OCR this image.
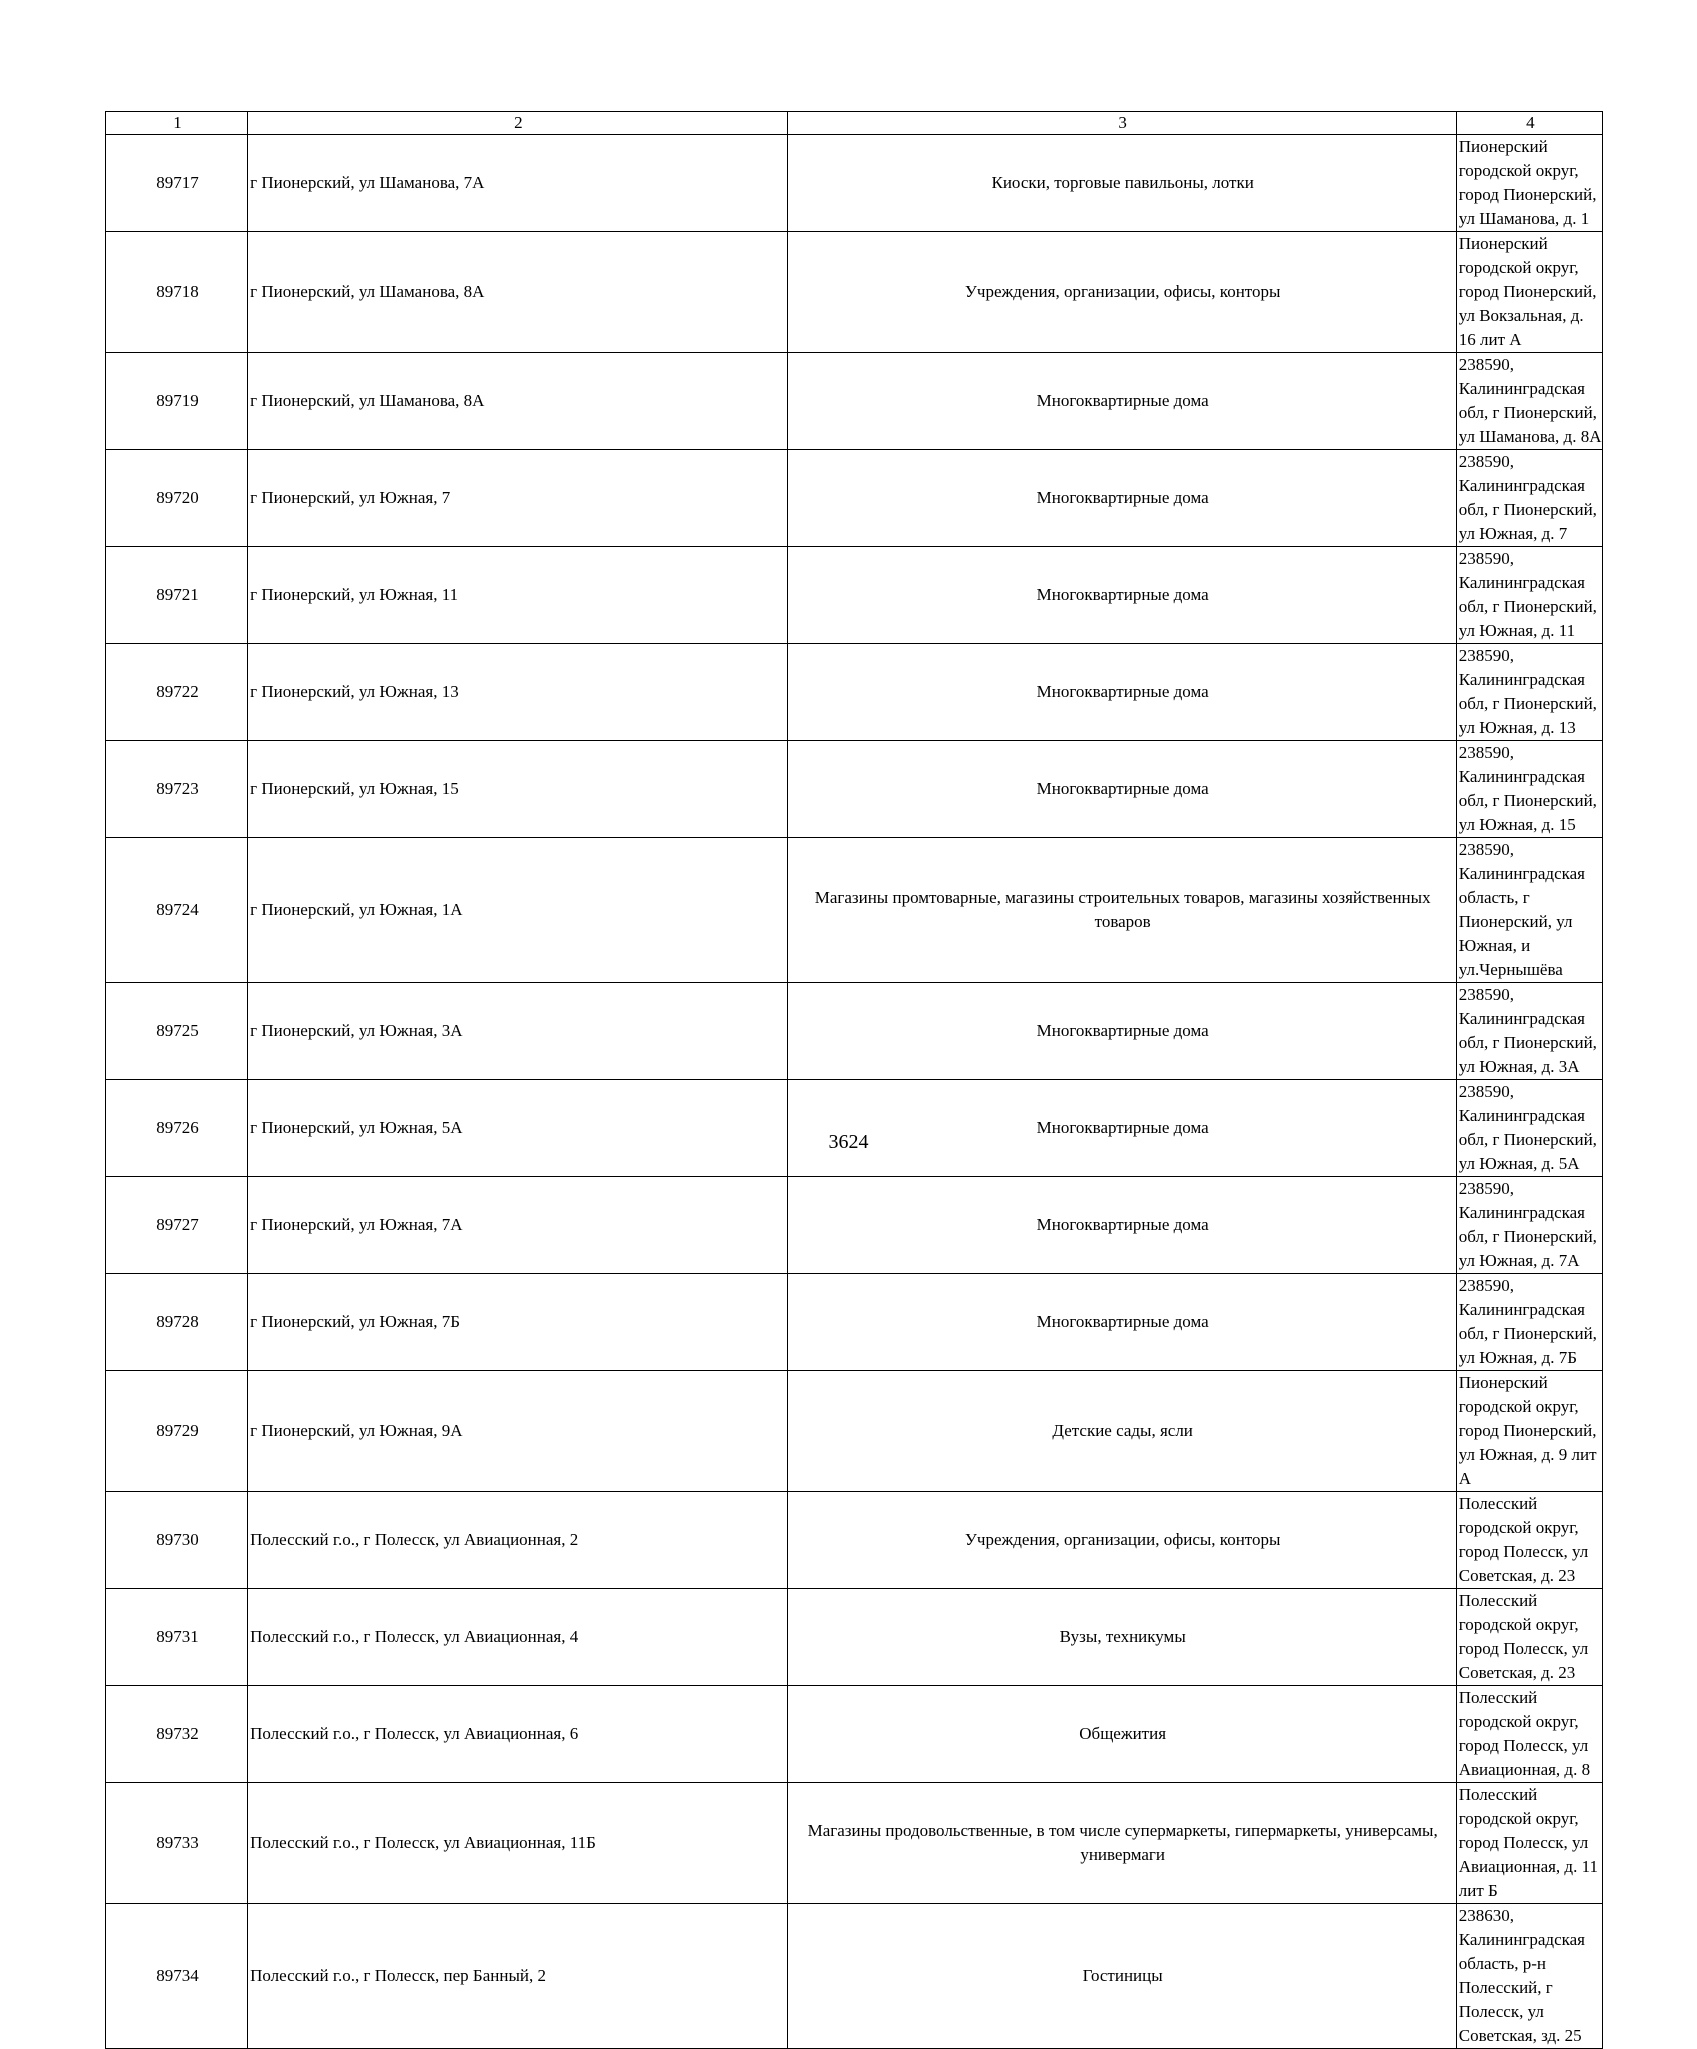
1	2	3	4
89717	г Пионерский, ул Шаманова, 7А	Киоски, торговые павильоны, лотки	Пионерский городской округ, город Пионерский, ул Шаманова, д. 1
89718	г Пионерский, ул Шаманова, 8А	Учреждения, организации, офисы, конторы	Пионерский городской округ, город Пионерский, ул Вокзальная, д. 16 лит А
89719	г Пионерский, ул Шаманова, 8А	Многоквартирные дома	238590, Калининградская обл, г Пионерский, ул Шаманова, д. 8А
89720	г Пионерский, ул Южная, 7	Многоквартирные дома	238590, Калининградская обл, г Пионерский, ул Южная, д. 7
89721	г Пионерский, ул Южная, 11	Многоквартирные дома	238590, Калининградская обл, г Пионерский, ул Южная, д. 11
89722	г Пионерский, ул Южная, 13	Многоквартирные дома	238590, Калининградская обл, г Пионерский, ул Южная, д. 13
89723	г Пионерский, ул Южная, 15	Многоквартирные дома	238590, Калининградская обл, г Пионерский, ул Южная, д. 15
89724	г Пионерский, ул Южная, 1А	Магазины промтоварные, магазины строительных товаров, магазины хозяйственных товаров	238590, Калининградская область, г Пионерский, ул Южная, и ул.Чернышёва
89725	г Пионерский, ул Южная, 3А	Многоквартирные дома	238590, Калининградская обл, г Пионерский, ул Южная, д. 3А
89726	г Пионерский, ул Южная, 5А	Многоквартирные дома	238590, Калининградская обл, г Пионерский, ул Южная, д. 5А
89727	г Пионерский, ул Южная, 7А	Многоквартирные дома	238590, Калининградская обл, г Пионерский, ул Южная, д. 7А
89728	г Пионерский, ул Южная, 7Б	Многоквартирные дома	238590, Калининградская обл, г Пионерский, ул Южная, д. 7Б
89729	г Пионерский, ул Южная, 9А	Детские сады, ясли	Пионерский городской округ, город Пионерский, ул Южная, д. 9 лит А
89730	Полесский г.о., г Полесск, ул Авиационная, 2	Учреждения, организации, офисы, конторы	Полесский городской округ, город Полесск, ул Советская, д. 23
89731	Полесский г.о., г Полесск, ул Авиационная, 4	Вузы, техникумы	Полесский городской округ, город Полесск, ул Советская, д. 23
89732	Полесский г.о., г Полесск, ул Авиационная, 6	Общежития	Полесский городской округ, город Полесск, ул Авиационная, д. 8
89733	Полесский г.о., г Полесск, ул Авиационная, 11Б	Магазины продовольственные, в том числе супермаркеты, гипермаркеты, универсамы, универмаги	Полесский городской округ, город Полесск, ул Авиационная, д. 11 лит Б
89734	Полесский г.о., г Полесск, пер Банный, 2	Гостиницы	238630, Калининградская область, р-н Полесский, г Полесск, ул Советская, зд. 25
3624
